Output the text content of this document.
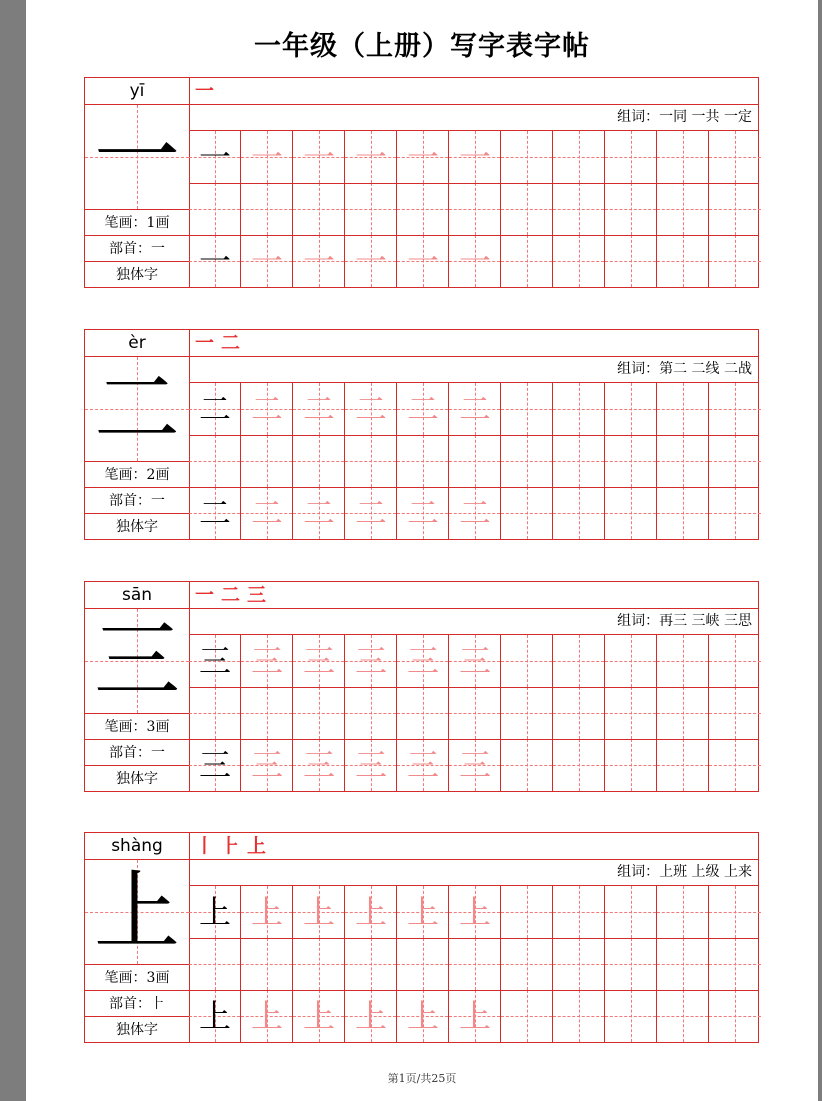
一年级（上册）写字表字帖
yī
一
笔画：1画
部首：一
独体字
一
组词：一同 一共 一定
一 一 一 一 一 一
一 一 一 一 一 一
èr
二
笔画：2画
部首：一
独体字
一 二
组词：第二 二线 二战
二 二 二 二 二 二
二 二 二 二 二 二
sān
三
笔画：3画
部首：一
独体字
一 二 三
组词：再三 三峡 三思
三 三 三 三 三 三
三 三 三 三 三 三
shàng
上
笔画：3画
部首：⺊
独体字
丨 ⺊ 上
组词：上班 上级 上来
上 上 上 上 上 上
上 上 上 上 上 上
第1页/共25页
